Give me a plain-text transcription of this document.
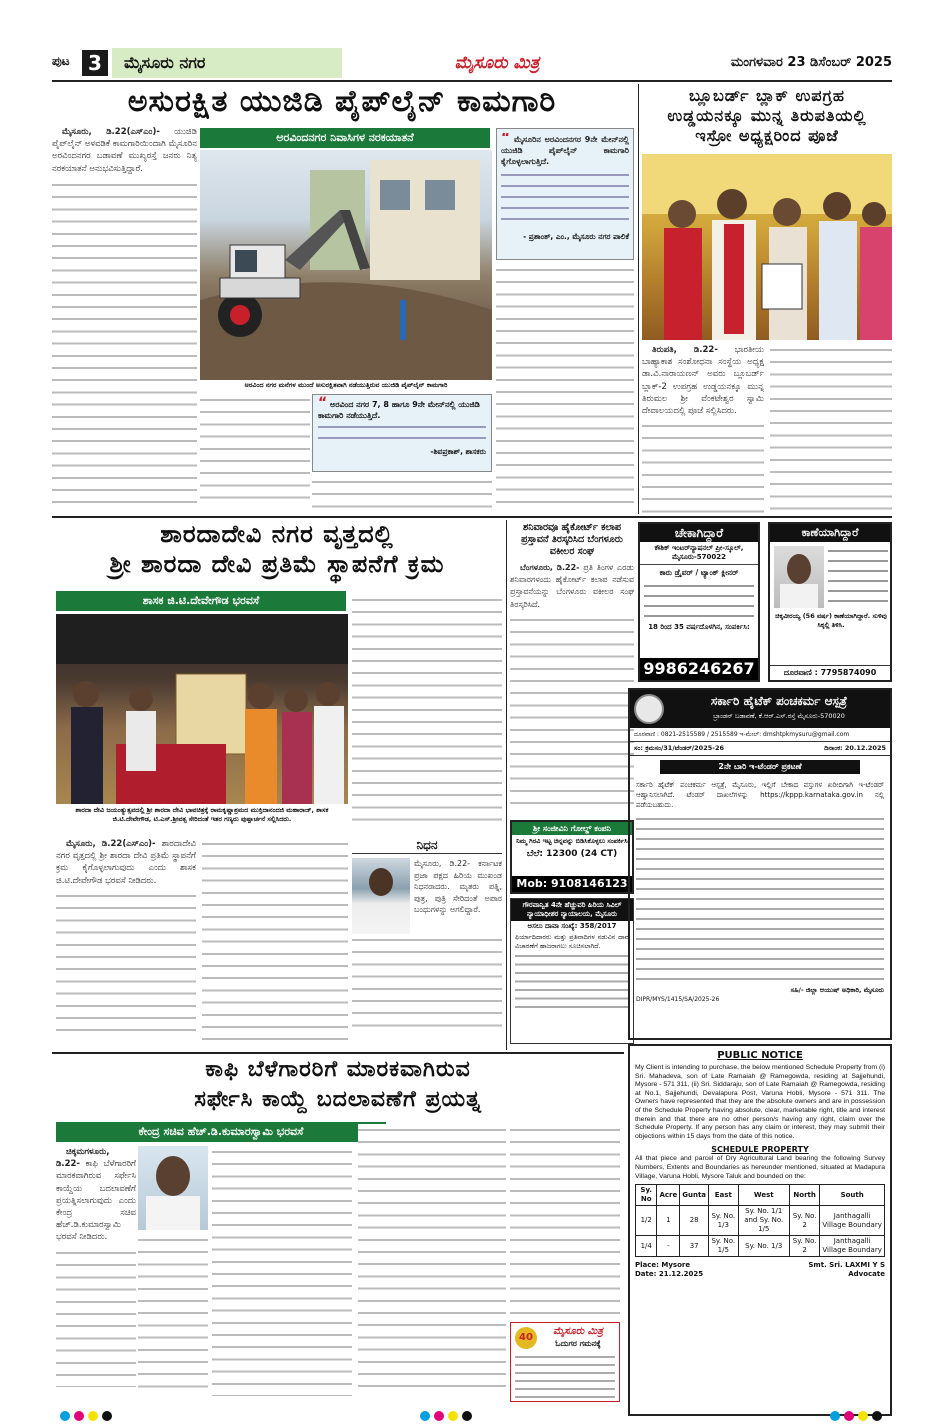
ಪುಟ 3	ಮೈಸೂರು ನಗರ	ಮೈಸೂರು ಮಿತ್ರ	ಮಂಗಳವಾರ 23 ಡಿಸೆಂಬರ್ 2025
ಅಸುರಕ್ಷಿತ ಯುಜಿಡಿ ಪೈಪ್‌ಲೈನ್ ಕಾಮಗಾರಿ
ಅರವಿಂದನಗರ ನಿವಾಸಿಗಳ ನರಕಯಾತನೆ

ಮೈಸೂರು, ಡಿ.22(ಎಸ್‌ಎಂ)- ಯುಜಿಡಿ ಪೈಪ್‌ಲೈನ್ ಅಳವಡಿಕೆ ಕಾಮಗಾರಿಯಿಂದಾಗಿ ಮೈಸೂರಿನ ಅರವಿಂದನಗರ ಬಡಾವಣೆ ಮುಖ್ಯರಸ್ತೆ ಜನರು ನಿತ್ಯ ನರಕಯಾತನೆ ಅನುಭವಿಸುತ್ತಿದ್ದಾರೆ.

ಅರವಿಂದ ನಗರ ಮನೆಗಳ ಮುಂದೆ ಅಸುರಕ್ಷಿತವಾಗಿ ನಡೆಯುತ್ತಿರುವ ಯುಜಿಡಿ ಪೈಪ್‌ಲೈನ್ ಕಾಮಗಾರಿ
“ ಮೈಸೂರಿನ ಅರವಿಂದನಗರ 9ನೇ ಮೇನ್‌ನಲ್ಲಿ ಯುಜಿಡಿ ಪೈಪ್‌ಲೈನ್ ಕಾಮಗಾರಿ ಕೈಗೊಳ್ಳಲಾಗುತ್ತಿದೆ.
- ಪ್ರಶಾಂತ್, ಎಂ., ಮೈಸೂರು ನಗರ ಪಾಲಿಕೆ
“ ಅರವಿಂದ ನಗರ 7, 8 ಹಾಗೂ 9ನೇ ಮೇನ್‌ನಲ್ಲಿ ಯುಜಿಡಿ ಕಾಮಗಾರಿ ನಡೆಯುತ್ತಿದೆ.
-ಶಿವಪ್ರಕಾಶ್, ಶಾಸಕರು
ಬ್ಲೂಬರ್ಡ್ ಬ್ಲಾಕ್ ಉಪಗ್ರಹ
ಉಡ್ಡಯನಕ್ಕೂ ಮುನ್ನ ತಿರುಪತಿಯಲ್ಲಿ
ಇಸ್ರೋ ಅಧ್ಯಕ್ಷರಿಂದ ಪೂಜೆ

ತಿರುಪತಿ, ಡಿ.22- ಭಾರತೀಯ ಬಾಹ್ಯಾಕಾಶ ಸಂಶೋಧನಾ ಸಂಸ್ಥೆಯ ಅಧ್ಯಕ್ಷ ಡಾ.ವಿ.ನಾರಾಯಣನ್ ಅವರು ಬ್ಲೂಬರ್ಡ್ ಬ್ಲಾಕ್-2 ಉಪಗ್ರಹ ಉಡ್ಡಯನಕ್ಕೂ ಮುನ್ನ ತಿರುಮಲ ಶ್ರೀ ವೆಂಕಟೇಶ್ವರ ಸ್ವಾಮಿ ದೇವಾಲಯದಲ್ಲಿ ಪೂಜೆ ಸಲ್ಲಿಸಿದರು.

ಶಾರದಾದೇವಿ ನಗರ ವೃತ್ತದಲ್ಲಿ
ಶ್ರೀ ಶಾರದಾ ದೇವಿ ಪ್ರತಿಮೆ ಸ್ಥಾಪನೆಗೆ ಕ್ರಮ
ಶಾಸಕ ಜಿ.ಟಿ.ದೇವೇಗೌಡ ಭರವಸೆ
ಶಾರದಾ ದೇವಿ ಜಯಂತ್ಯುತ್ಸವದಲ್ಲಿ ಶ್ರೀ ಶಾರದಾ ದೇವಿ ಭಾವಚಿತ್ರಕ್ಕೆ ರಾಮಕೃಷ್ಣಾಶ್ರಮದ ಮುಕ್ತಿದಾನಂದಜಿ ಮಹಾರಾಜ್, ಶಾಸಕ ಜಿ.ಟಿ.ದೇವೇಗೌಡ, ಟಿ.ಎಸ್.ಶ್ರೀವತ್ಸ ಸೇರಿದಂತೆ ಇತರ ಗಣ್ಯರು ಪುಷ್ಪಾರ್ಚನೆ ಸಲ್ಲಿಸಿದರು.

ಮೈಸೂರು, ಡಿ.22(ಎಸ್‌ಎಂ)- ಶಾರದಾದೇವಿ ನಗರ ವೃತ್ತದಲ್ಲಿ ಶ್ರೀ ಶಾರದಾ ದೇವಿ ಪ್ರತಿಮೆ ಸ್ಥಾಪನೆಗೆ ಕ್ರಮ ಕೈಗೊಳ್ಳಲಾಗುವುದು ಎಂದು ಶಾಸಕ ಜಿ.ಟಿ.ದೇವೇಗೌಡ ಭರವಸೆ ನೀಡಿದರು.

ನಿಧನ
ಮೈಸೂರು, ಡಿ.22- ಕರ್ನಾಟಕ ಪ್ರಜಾ ಪಕ್ಷದ ಹಿರಿಯ ಮುಖಂಡ ನಿಧನರಾದರು. ಮೃತರು ಪತ್ನಿ, ಪುತ್ರ, ಪುತ್ರಿ ಸೇರಿದಂತೆ ಅಪಾರ ಬಂಧುಗಳನ್ನು ಅಗಲಿದ್ದಾರೆ.
ಶನಿವಾರವೂ ಹೈಕೋರ್ಟ್ ಕಲಾಪ ಪ್ರಸ್ತಾವನೆ ತಿರಸ್ಕರಿಸಿದ ಬೆಂಗಳೂರು ವಕೀಲರ ಸಂಘ

ಬೆಂಗಳೂರು, ಡಿ.22- ಪ್ರತಿ ತಿಂಗಳ ಎರಡು ಶನಿವಾರಗಳಂದು ಹೈಕೋರ್ಟ್ ಕಲಾಪ ನಡೆಸುವ ಪ್ರಸ್ತಾವನೆಯನ್ನು ಬೆಂಗಳೂರು ವಕೀಲರ ಸಂಘ ತಿರಸ್ಕರಿಸಿದೆ.

ಚೇಕಾಗಿದ್ದಾರೆ
ಕೌಶಿಕ್ ಇಂಟರ್‌ನ್ಯಾಷನಲ್ ಪ್ರೀ-ಸ್ಕೂಲ್, ಮೈಸೂರು-570022
ಕಾರು ಡ್ರೈವರ್ / ಟ್ಯಾಂಕ್ ಕ್ಲೀನರ್
18 ರಿಂದ 35 ವರ್ಷದೊಳಗಿನ, ಸಂಪರ್ಕಿಸಿ:
9986246267
ಕಾಣೆಯಾಗಿದ್ದಾರೆ
ಚಿಕ್ಕವೀರಯ್ಯ (56 ವರ್ಷ) ಕಾಣೆಯಾಗಿದ್ದಾರೆ. ಸುಳಿವು ಸಿಕ್ಕಲ್ಲಿ ತಿಳಿಸಿ.
ದೂರವಾಣಿ : 7795874090
ಶ್ರೀ ಸಂಜೀವಿನಿ ಗೋಲ್ಡ್ ಕಂಪನಿ
ನಿಮ್ಮ ಗಿರವಿ ಇಟ್ಟ ಚಿನ್ನವನ್ನು ಬಿಡಿಸಿಕೊಳ್ಳಲು ಸಂಪರ್ಕಿಸಿ
ಬೆಲೆ: 12300 (24 CT)
Mob: 9108146123
ಗೌರವಾನ್ವಿತ 4ನೇ ಹೆಚ್ಚುವರಿ ಹಿರಿಯ ಸಿವಿಲ್ ನ್ಯಾಯಾಧೀಶರ ನ್ಯಾಯಾಲಯ, ಮೈಸೂರು
ಅಸಲು ದಾವಾ ಸಂಖ್ಯೆ: 358/2017
ಫಿರ್ಯಾದಿದಾರರು ಮತ್ತು ಪ್ರತಿವಾದಿಗಳ ನಡುವಿನ ದಾವೆ ವಿಚಾರಣೆಗೆ ಹಾಜರಾಗಲು ಸೂಚಿಸಲಾಗಿದೆ.
ಸರ್ಕಾರಿ ಹೈಟೆಕ್ ಪಂಚಕರ್ಮ ಆಸ್ಪತ್ರೆ
ಬ್ರಾಂಡನ್ ಬಡಾವಣೆ, ಕೆ.ಆರ್.ಎಸ್.ರಸ್ತೆ ಮೈಸೂರು-570020
ದೂರವಾಣಿ : 0821-2515589 / 2515589 ಇ-ಮೇಲ್: dmshtpkmysuru@gmail.com
ಸಂ: ಕ್ರಮಸಂ/31/ಟೆಂಡರ್/2025-26	ದಿನಾಂಕ: 20.12.2025
2ನೇ ಬಾರಿ ಇ-ಟೆಂಡರ್ ಪ್ರಕಟಣೆ
ಸರ್ಕಾರಿ ಹೈಟೆಕ್ ಪಂಚಕರ್ಮ ಆಸ್ಪತ್ರೆ, ಮೈಸೂರು, ಇಲ್ಲಿಗೆ ಬೇಕಾದ ವಸ್ತುಗಳ ಖರೀದಿಗಾಗಿ ಇ-ಟೆಂಡರ್ ಆಹ್ವಾನಿಸಲಾಗಿದೆ. ಟೆಂಡರ್ ದಾಖಲೆಗಳನ್ನು https://kppp.karnataka.gov.in ನಲ್ಲಿ ಪಡೆಯಬಹುದು.
ಸಹಿ/- ಜಿಲ್ಲಾ ಆಯುಷ್ ಅಧಿಕಾರಿ, ಮೈಸೂರು
DIPR/MYS/1415/SA/2025-26
PUBLIC NOTICE
My Client is intending to purchase, the below mentioned Schedule Property from (i) Sri. Mahadeva, son of Late Ramaiah @ Ramegowda, residing at Sajjehundi, Mysore - 571 311, (ii) Sri. Siddaraju, son of Late Ramaiah @ Ramegowda, residing at No.1, Sajjehundi, Devalapura Post, Varuna Hobli, Mysore - 571 311. The Owners have represented that they are the absolute owners and are in possession of the Schedule Property having absolute, clear, marketable right, title and interest therein and that there are no other person/s having any right, claim over the Schedule Property. If any person has any claim or interest, they may submit their objections within 15 days from the date of this notice.
SCHEDULE PROPERTY
All that piece and parcel of Dry Agricultural Land bearing the following Survey Numbers, Extents and Boundaries as hereunder mentioned, situated at Madapura Village, Varuna Hobli, Mysore Taluk and bounded on the:
Sy. No	Acre	Gunta	East	West	North	South
1/2	1	28	Sy. No. 1/3	Sy. No. 1/1 and Sy. No. 1/5	Sy. No. 2	Janthagalli Village Boundary
1/4	-	37	Sy. No. 1/5	Sy. No. 1/3	Sy. No. 2	Janthagalli Village Boundary
Place: Mysore
Date: 21.12.2025
Smt. Sri. LAXMI Y S
Advocate
ಕಾಫಿ ಬೆಳೆಗಾರರಿಗೆ ಮಾರಕವಾಗಿರುವ
ಸರ್ಫೇಸಿ ಕಾಯ್ದೆ ಬದಲಾವಣೆಗೆ ಪ್ರಯತ್ನ
ಕೇಂದ್ರ ಸಚಿವ ಹೆಚ್.ಡಿ.ಕುಮಾರಸ್ವಾಮಿ ಭರವಸೆ

ಚಿಕ್ಕಮಗಳೂರು, ಡಿ.22- ಕಾಫಿ ಬೆಳೆಗಾರರಿಗೆ ಮಾರಕವಾಗಿರುವ ಸರ್ಫೇಸಿ ಕಾಯ್ದೆಯ ಬದಲಾವಣೆಗೆ ಪ್ರಯತ್ನಿಸಲಾಗುವುದು ಎಂದು ಕೇಂದ್ರ ಸಚಿವ ಹೆಚ್.ಡಿ.ಕುಮಾರಸ್ವಾಮಿ ಭರವಸೆ ನೀಡಿದರು.

40
ಮೈಸೂರು ಮಿತ್ರ
ಓದುಗರ ಗಮನಕ್ಕೆ
